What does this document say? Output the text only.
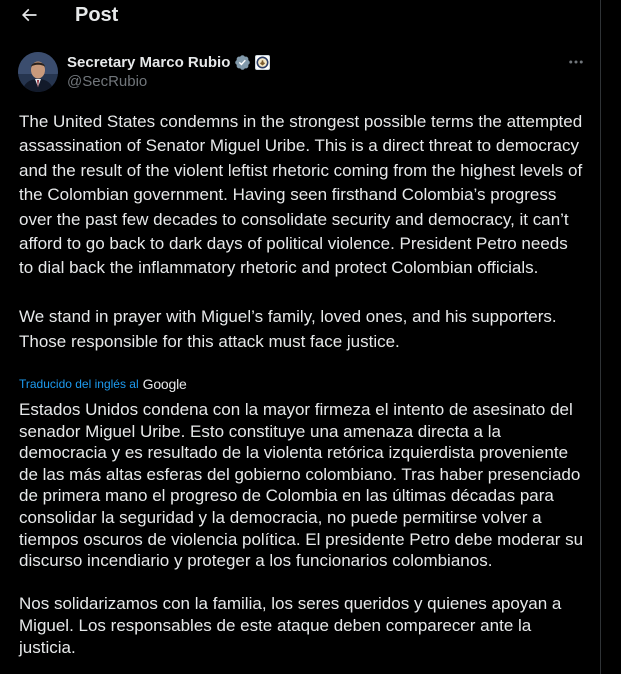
Post
Secretary Marco Rubio
@SecRubio

The United States condemns in the strongest possible terms the attempted assassination of Senator Miguel Uribe. This is a direct threat to democracy and the result of the violent leftist rhetoric coming from the highest levels of the Colombian government. Having seen firsthand Colombia’s progress over the past few decades to consolidate security and democracy, it can’t afford to go back to dark days of political violence. President Petro needs to dial back the inflammatory rhetoric and protect Colombian officials.

We stand in prayer with Miguel’s family, loved ones, and his supporters. Those responsible for this attack must face justice.

Traducido del inglés al Google

Estados Unidos condena con la mayor firmeza el intento de asesinato del senador Miguel Uribe. Esto constituye una amenaza directa a la democracia y es resultado de la violenta retórica izquierdista proveniente de las más altas esferas del gobierno colombiano. Tras haber presenciado de primera mano el progreso de Colombia en las últimas décadas para consolidar la seguridad y la democracia, no puede permitirse volver a tiempos oscuros de violencia política. El presidente Petro debe moderar su discurso incendiario y proteger a los funcionarios colombianos.

Nos solidarizamos con la familia, los seres queridos y quienes apoyan a Miguel. Los responsables de este ataque deben comparecer ante la justicia.
